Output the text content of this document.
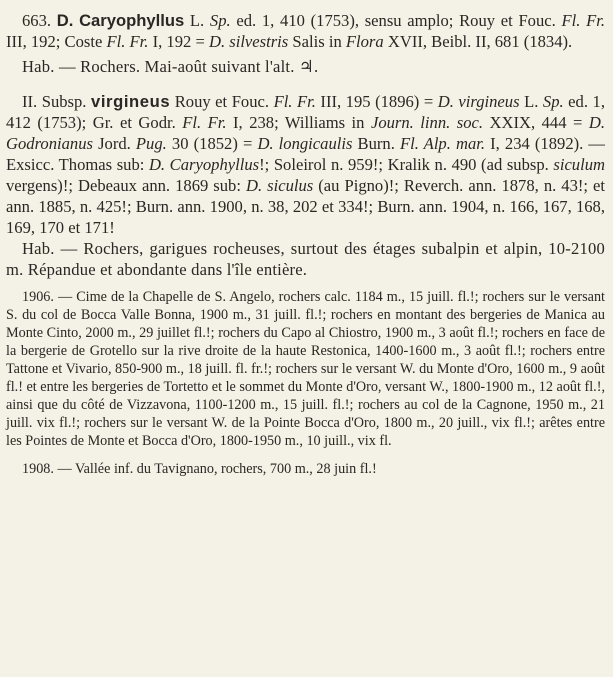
663. D. Caryophyllus L. Sp. ed. 1, 410 (1753), sensu amplo; Rouy et Fouc. Fl. Fr. III, 192; Coste Fl. Fr. I, 192 = D. silvestris Salis in Flora XVII, Beibl. II, 681 (1834).

Hab. — Rochers. Mai-août suivant l'alt. ♃.

II. Subsp. virgineus Rouy et Fouc. Fl. Fr. III, 195 (1896) = D. virgineus L. Sp. ed. 1, 412 (1753); Gr. et Godr. Fl. Fr. I, 238; Williams in Journ. linn. soc. XXIX, 444 = D. Godronianus Jord. Pug. 30 (1852) = D. longicaulis Burn. Fl. Alp. mar. I, 234 (1892). — Exsicc. Thomas sub: D. Caryophyllus!; Soleirol n. 959!; Kralik n. 490 (ad subsp. siculum vergens)!; Debeaux ann. 1869 sub: D. siculus (au Pigno)!; Reverch. ann. 1878, n. 43!; et ann. 1885, n. 425!; Burn. ann. 1900, n. 38, 202 et 334!; Burn. ann. 1904, n. 166, 167, 168, 169, 170 et 171!

Hab. — Rochers, garigues rocheuses, surtout des étages subalpin et alpin, 10-2100 m. Répandue et abondante dans l'île entière.

1906. — Cime de la Chapelle de S. Angelo, rochers calc. 1184 m., 15 juill. fl.!; rochers sur le versant S. du col de Bocca Valle Bonna, 1900 m., 31 juill. fl.!; rochers en montant des bergeries de Manica au Monte Cinto, 2000 m., 29 juillet fl.!; rochers du Capo al Chiostro, 1900 m., 3 août fl.!; rochers en face de la bergerie de Grotello sur la rive droite de la haute Restonica, 1400-1600 m., 3 août fl.!; rochers entre Tattone et Vivario, 850-900 m., 18 juill. fl. fr.!; rochers sur le versant W. du Monte d'Oro, 1600 m., 9 août fl.! et entre les bergeries de Tortetto et le sommet du Monte d'Oro, versant W., 1800-1900 m., 12 août fl.!, ainsi que du côté de Vizzavona, 1100-1200 m., 15 juill. fl.!; rochers au col de la Cagnone, 1950 m., 21 juill. vix fl.!; rochers sur le versant W. de la Pointe Bocca d'Oro, 1800 m., 20 juill., vix fl.!; arêtes entre les Pointes de Monte et Bocca d'Oro, 1800-1950 m., 10 juill., vix fl.

1908. — Vallée inf. du Tavignano, rochers, 700 m., 28 juin fl.!
